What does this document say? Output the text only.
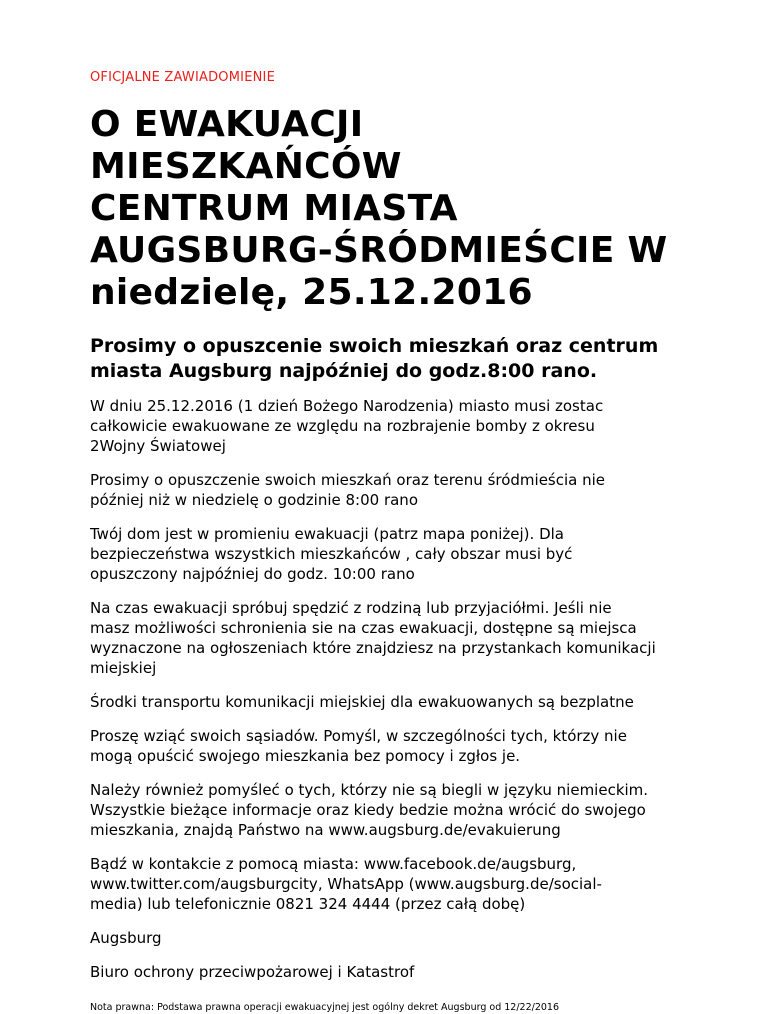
OFICJALNE ZAWIADOMIENIE
O EWAKUACJI MIESZKAŃCÓW
CENTRUM MIASTA
AUGSBURG-ŚRÓDMIEŚCIE W
niedzielę, 25.12.2016
Prosimy o opuszcenie swoich mieszkań oraz centrum
miasta Augsburg najpóźniej do godz.8:00 rano.
W dniu 25.12.2016 (1 dzień Bożego Narodzenia) miasto musi zostac
całkowicie ewakuowane ze względu na rozbrajenie bomby z okresu
2Wojny Światowej
Prosimy o opuszczenie swoich mieszkań oraz terenu śródmieścia nie
później niż w niedzielę o godzinie 8:00 rano
Twój dom jest w promieniu ewakuacji (patrz mapa poniżej). Dla
bezpieczeństwa wszystkich mieszkańców , cały obszar musi być
opuszczony najpóźniej do godz. 10:00 rano
Na czas ewakuacji spróbuj spędzić z rodziną lub przyjaciółmi. Jeśli nie
masz możliwości schronienia sie na czas ewakuacji, dostępne są miejsca
wyznaczone na ogłoszeniach które znajdziesz na przystankach komunikacji
miejskiej
Środki transportu komunikacji miejskiej dla ewakuowanych są bezplatne
Proszę wziąć swoich sąsiadów. Pomyśl, w szczególności tych, którzy nie
mogą opuścić swojego mieszkania bez pomocy i zgłos je.
Należy również pomyśleć o tych, którzy nie są biegli w języku niemieckim.
Wszystkie bieżące informacje oraz kiedy bedzie można wrócić do swojego
mieszkania, znajdą Państwo na www.augsburg.de/evakuierung
Bądź w kontakcie z pomocą miasta: www.facebook.de/augsburg,
www.twitter.com/augsburgcity, WhatsApp (www.augsburg.de/social-
media) lub telefonicznie 0821 324 4444 (przez całą dobę)
Augsburg
Biuro ochrony przeciwpożarowej i Katastrof
Nota prawna: Podstawa prawna operacji ewakuacyjnej jest ogólny dekret Augsburg od 12/22/2016
